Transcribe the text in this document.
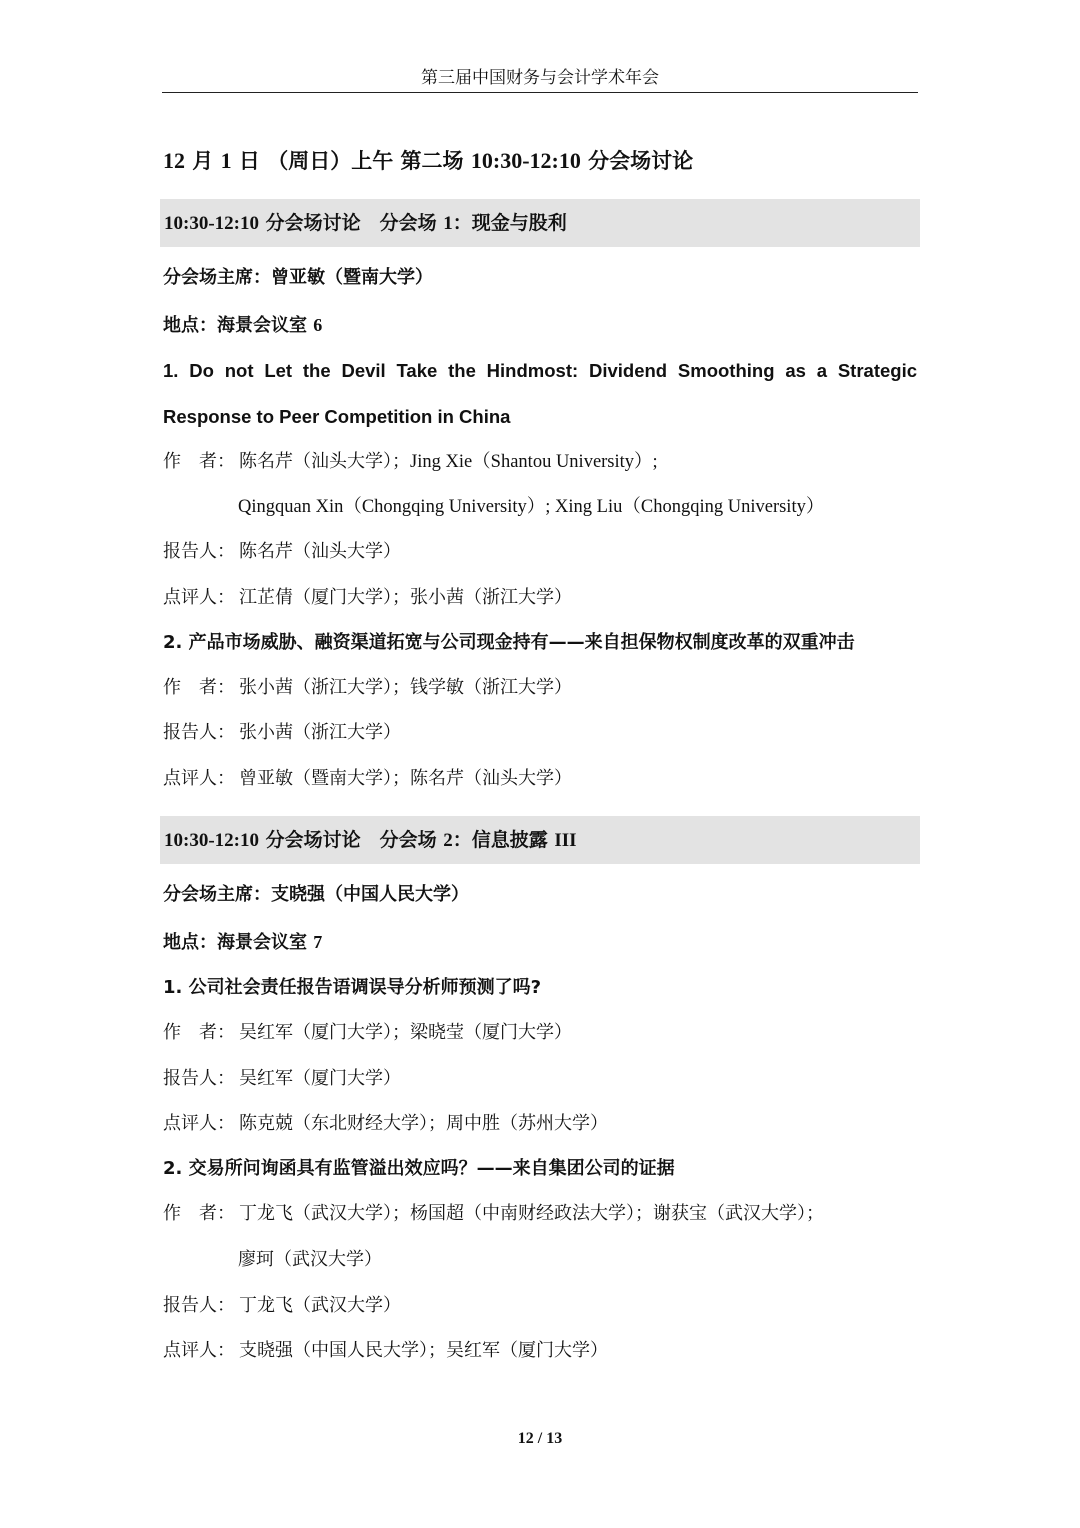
第三届中国财务与会计学术年会
12 月 1 日 （周日）上午 第二场 10:30-12:10 分会场讨论
10:30-12:10 分会场讨论　分会场 1：现金与股利
分会场主席：曾亚敏（暨南大学）
地点：海景会议室 6
1. Do not Let the Devil Take the Hindmost: Dividend Smoothing as a Strategic
Response to Peer Competition in China
作　者： 陈名芹（汕头大学）；Jing Xie（Shantou University）;
Qingquan Xin（Chongqing University）; Xing Liu（Chongqing University）
报告人： 陈名芹（汕头大学）
点评人： 江芷倩（厦门大学）；张小茜（浙江大学）
2. 产品市场威胁、融资渠道拓宽与公司现金持有——来自担保物权制度改革的双重冲击
作　者： 张小茜（浙江大学）；钱学敏（浙江大学）
报告人： 张小茜（浙江大学）
点评人： 曾亚敏（暨南大学）；陈名芹（汕头大学）
10:30-12:10 分会场讨论　分会场 2：信息披露 III
分会场主席：支晓强（中国人民大学）
地点：海景会议室 7
1. 公司社会责任报告语调误导分析师预测了吗?
作　者： 吴红军（厦门大学）；梁晓莹（厦门大学）
报告人： 吴红军（厦门大学）
点评人： 陈克兢（东北财经大学）；周中胜（苏州大学）
2. 交易所问询函具有监管溢出效应吗？——来自集团公司的证据
作　者： 丁龙飞（武汉大学）；杨国超（中南财经政法大学）；谢获宝（武汉大学）；
廖珂（武汉大学）
报告人： 丁龙飞（武汉大学）
点评人： 支晓强（中国人民大学）；吴红军（厦门大学）
12 / 13
